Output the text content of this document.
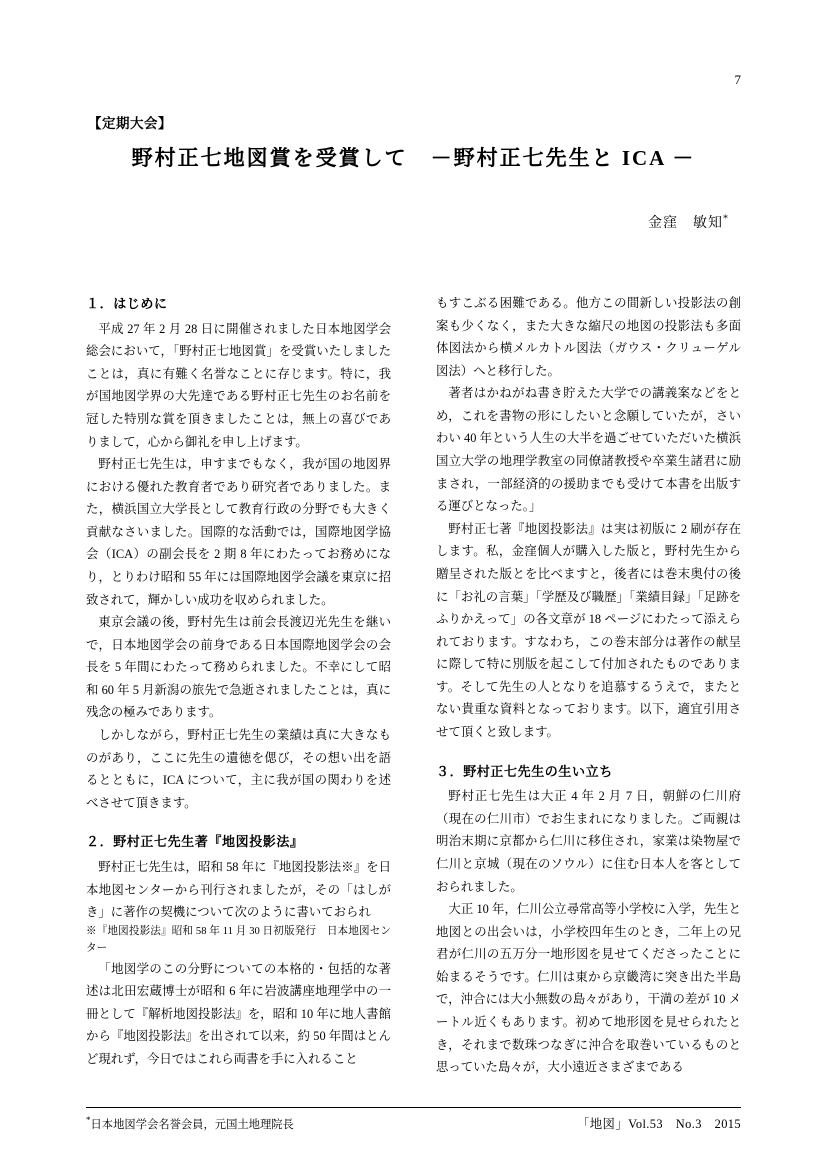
7
【定期大会】
野村正七地図賞を受賞して　－野村正七先生と ICA －
金窪　敏知*
１．はじめに

平成 27 年 2 月 28 日に開催されました日本地図学会総会において，「野村正七地図賞」を受賞いたしましたことは，真に有難く名誉なことに存じます。特に，我が国地図学界の大先達である野村正七先生のお名前を冠した特別な賞を頂きましたことは，無上の喜びでありまして，心から御礼を申し上げます。

野村正七先生は，申すまでもなく，我が国の地図界における優れた教育者であり研究者でありました。また，横浜国立大学長として教育行政の分野でも大きく貢献なさいました。国際的な活動では，国際地図学協会（ICA）の副会長を 2 期 8 年にわたってお務めになり，とりわけ昭和 55 年には国際地図学会議を東京に招致されて，輝かしい成功を収められました。

東京会議の後，野村先生は前会長渡辺光先生を継いで，日本地図学会の前身である日本国際地図学会の会長を 5 年間にわたって務められました。不幸にして昭和 60 年 5 月新潟の旅先で急逝されましたことは，真に残念の極みであります。

しかしながら，野村正七先生の業績は真に大きなものがあり，ここに先生の遺徳を偲び，その想い出を語るとともに，ICA について，主に我が国の関わりを述べさせて頂きます。

２．野村正七先生著『地図投影法』

野村正七先生は，昭和 58 年に『地図投影法※』を日本地図センターから刊行されましたが，その「はしがき」に著作の契機について次のように書いておられ

※『地図投影法』昭和 58 年 11 月 30 日初版発行　日本地図センター

「地図学のこの分野についての本格的・包括的な著述は北田宏蔵博士が昭和 6 年に岩波講座地理学中の一冊として『解析地図投影法』を，昭和 10 年に地人書館から『地図投影法』を出されて以来，約 50 年間はとんど現れず，今日ではこれら両書を手に入れること

もすこぶる困難である。他方この間新しい投影法の創案も少くなく，また大きな縮尺の地図の投影法も多面体図法から横メルカトル図法（ガウス・クリューゲル図法）へと移行した。

著者はかねがね書き貯えた大学での講義案などをとめ，これを書物の形にしたいと念願していたが，さいわい 40 年という人生の大半を過ごせていただいた横浜国立大学の地理学教室の同僚諸教授や卒業生諸君に励まされ，一部経済的の援助までも受けて本書を出版する運びとなった。」

野村正七著『地図投影法』は実は初版に 2 刷が存在します。私，金窪個人が購入した版と，野村先生から贈呈された版とを比べますと，後者には巻末奥付の後に「お礼の言葉」「学歴及び職歴」「業績目録」「足跡をふりかえって」の各文章が 18 ページにわたって添えられております。すなわち，この巻末部分は著作の献呈に際して特に別版を起こして付加されたものであります。そして先生の人となりを追慕するうえで，またとない貴重な資料となっております。以下，適宜引用させて頂くと致します。

３．野村正七先生の生い立ち

野村正七先生は大正 4 年 2 月 7 日，朝鮮の仁川府（現在の仁川市）でお生まれになりました。ご両親は明治末期に京都から仁川に移住され，家業は染物屋で仁川と京城（現在のソウル）に住む日本人を客としておられました。

大正 10 年，仁川公立尋常高等小学校に入学，先生と地図との出会いは，小学校四年生のとき，二年上の兄君が仁川の五万分一地形図を見せてくださったことに始まるそうです。仁川は東から京畿湾に突き出た半島で，沖合には大小無数の島々があり，干満の差が 10 メートル近くもあります。初めて地形図を見せられたとき，それまで数珠つなぎに沖合を取巻いているものと思っていた島々が，大小遠近さまざまである

*日本地図学会名誉会員，元国土地理院長	「地図」Vol.53　No.3　2015
